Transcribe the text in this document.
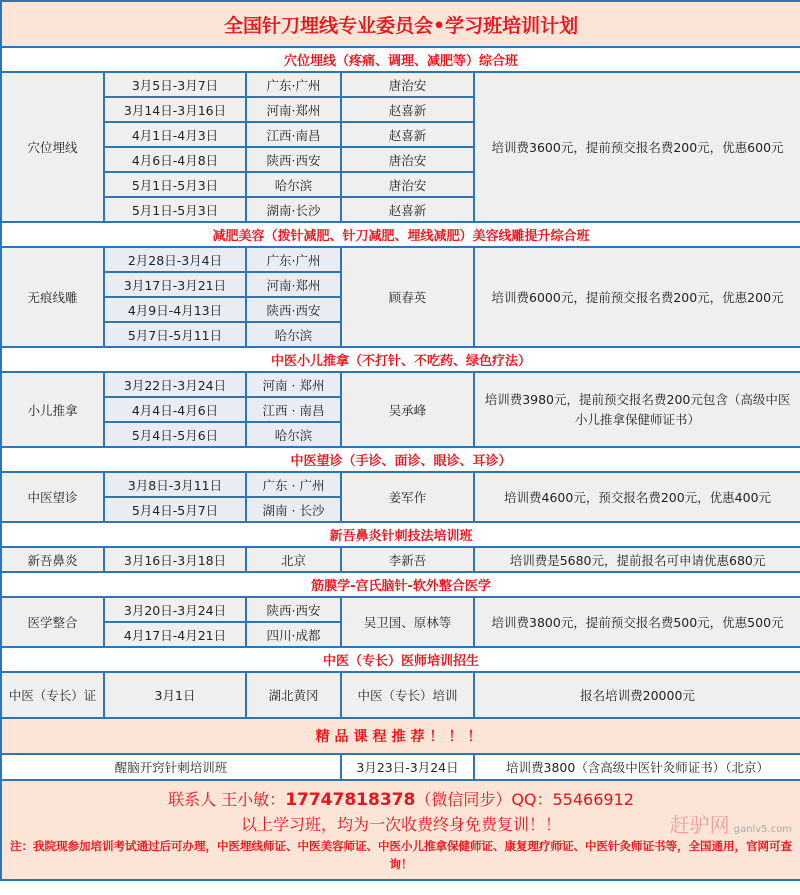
全国针刀埋线专业委员会•学习班培训计划				
穴位埋线（疼痛、调理、减肥等）综合班				
穴位埋线	3月5日-3月7日	广东·广州	唐治安	培训费3600元，提前预交报名费200元，优惠600元
	3月14日-3月16日	河南·郑州	赵喜新	
	4月1日-4月3日	江西·南昌	赵喜新	
	4月6日-4月8日	陕西·西安	唐治安	
	5月1日-5月3日	哈尔滨	唐治安	
	5月1日-5月3日	湖南·长沙	赵喜新	
减肥美容（拨针减肥、针刀减肥、埋线减肥）美容线雕提升综合班				
无痕线雕	2月28日-3月4日	广东·广州	顾春英	培训费6000元，提前预交报名费200元，优惠200元
	3月17日-3月21日	河南·郑州		
	4月9日-4月13日	陕西·西安		
	5月7日-5月11日	哈尔滨		
中医小儿推拿（不打针、不吃药、绿色疗法）				
小儿推拿	3月22日-3月24日	河南 · 郑州	吴承峰	培训费3980元，提前预交报名费200元包含（高级中医小儿推拿保健师证书）
	4月4日-4月6日	江西 · 南昌		
	5月4日-5月6日	哈尔滨		
中医望诊（手诊、面诊、眼诊、耳诊）				
中医望诊	3月8日-3月11日	广东 · 广州	姜军作	培训费4600元，预交报名费200元，优惠400元
	5月4日-5月7日	湖南 · 长沙		
新吾鼻炎针刺技法培训班				
新吾鼻炎	3月16日-3月18日	北京	李新吾	培训费是5680元，提前报名可申请优惠680元
筋膜学-宫氏脑针-软外整合医学				
医学整合	3月20日-3月24日	陕西·西安	吴卫国、原林等	培训费3800元，提前预交报名费500元，优惠500元
	4月17日-4月21日	四川·成都		
中医（专长）医师培训招生				
中医（专长）证	3月1日	湖北黄冈	中医（专长）培训	报名培训费20000元
精品课程推荐！！！				
醒脑开窍针刺培训班			3月23日-3月24日	培训费3800（含高级中医针灸师证书）（北京）

联系人 王小敏：17747818378（微信同步）QQ：55466912
以上学习班，均为一次收费终身免费复训！！
注：我院现参加培训考试通过后可办理，中医埋线师证、中医美容师证、中医小儿推拿保健师证、康复理疗师证、中医针灸师证书等，全国通用，官网可查询！
赶驴网 ganlv5.com				
